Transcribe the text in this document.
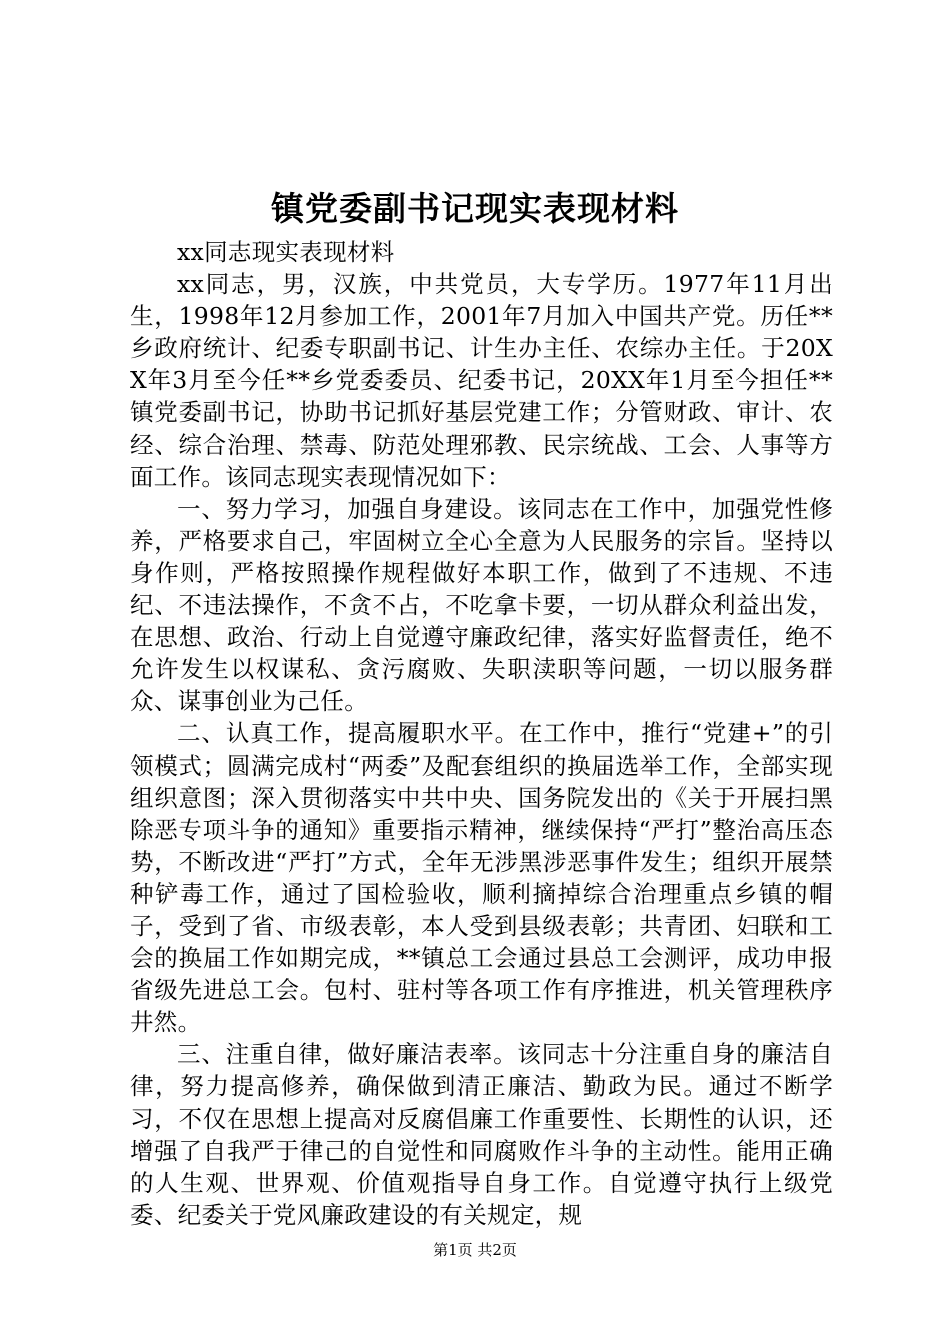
镇党委副书记现实表现材料

xx同志现实表现材料

xx同志，男，汉族，中共党员，大专学历。1977年11月出生，1998年12月参加工作，2001年7月加入中国共产党。历任**乡政府统计、纪委专职副书记、计生办主任、农综办主任。于20XX年3月至今任**乡党委委员、纪委书记，20XX年1月至今担任**镇党委副书记，协助书记抓好基层党建工作；分管财政、审计、农经、综合治理、禁毒、防范处理邪教、民宗统战、工会、人事等方面工作。该同志现实表现情况如下：

一、努力学习，加强自身建设。该同志在工作中，加强党性修养，严格要求自己，牢固树立全心全意为人民服务的宗旨。坚持以身作则，严格按照操作规程做好本职工作，做到了不违规、不违纪、不违法操作，不贪不占，不吃拿卡要，一切从群众利益出发，在思想、政治、行动上自觉遵守廉政纪律，落实好监督责任，绝不允许发生以权谋私、贪污腐败、失职渎职等问题，一切以服务群众、谋事创业为己任。

二、认真工作，提高履职水平。在工作中，推行“党建+”的引领模式；圆满完成村“两委”及配套组织的换届选举工作，全部实现组织意图；深入贯彻落实中共中央、国务院发出的《关于开展扫黑除恶专项斗争的通知》重要指示精神，继续保持“严打”整治高压态势，不断改进“严打”方式，全年无涉黑涉恶事件发生；组织开展禁种铲毒工作，通过了国检验收，顺利摘掉综合治理重点乡镇的帽子，受到了省、市级表彰，本人受到县级表彰；共青团、妇联和工会的换届工作如期完成，**镇总工会通过县总工会测评，成功申报省级先进总工会。包村、驻村等各项工作有序推进，机关管理秩序井然。

三、注重自律，做好廉洁表率。该同志十分注重自身的廉洁自律，努力提高修养，确保做到清正廉洁、勤政为民。通过不断学习，不仅在思想上提高对反腐倡廉工作重要性、长期性的认识，还增强了自我严于律己的自觉性和同腐败作斗争的主动性。能用正确的人生观、世界观、价值观指导自身工作。自觉遵守执行上级党委、纪委关于党风廉政建设的有关规定，规

第1页 共2页
